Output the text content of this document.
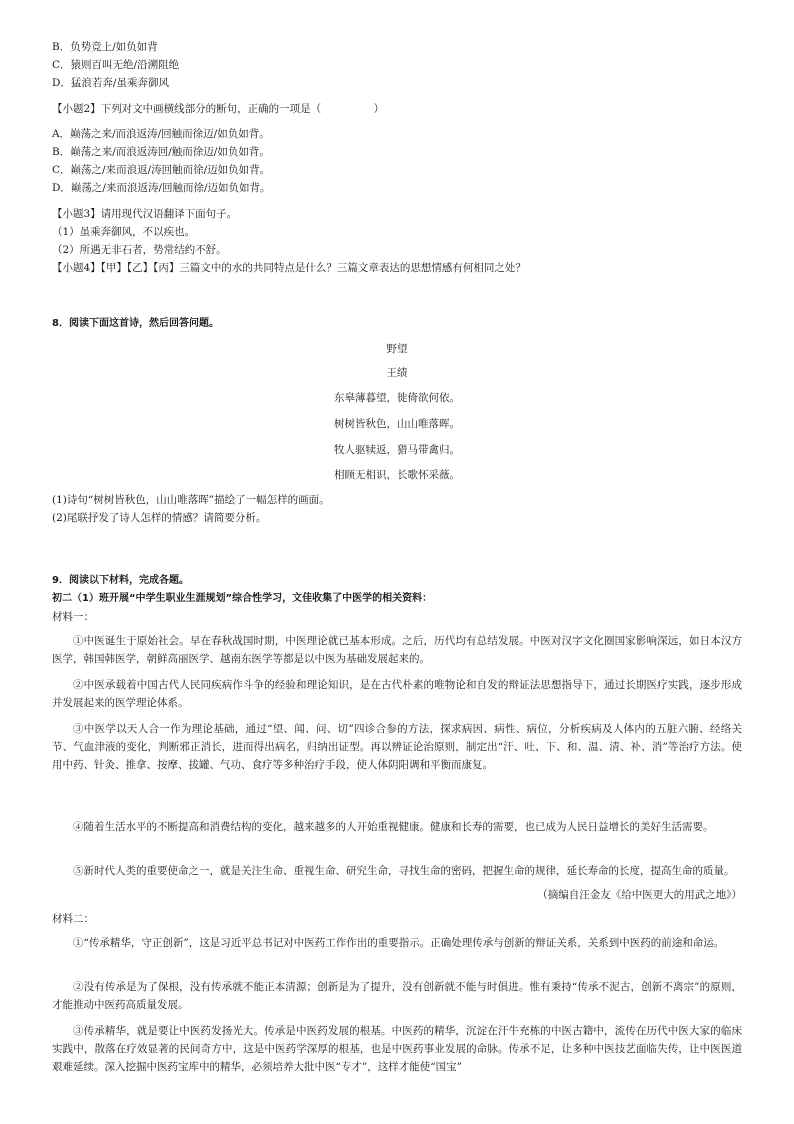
B．负势竞上/如负如背
C．猿则百叫无绝/沿溯阻绝
D．猛浪若奔/虽乘奔御风
【小题2】下列对文中画横线部分的断句，正确的一项是（　　　　　）
A．巅荡之来/而浪返涛/回触而徐迈/如负如背。
B．巅荡之来/而浪返涛回/触而徐迈/如负如背。
C．巅荡之/来而浪返/涛回触而徐/迈如负如背。
D．巅荡之/来而浪返涛/回触而徐/迈如负如背。
【小题3】请用现代汉语翻译下面句子。
（1）虽乘奔御风，不以疾也。
（2）所遇无非石者，势常结约不舒。
【小题4】【甲】【乙】【丙】三篇文中的水的共同特点是什么？三篇文章表达的思想情感有何相同之处？
8．阅读下面这首诗，然后回答问题。
野望
王绩
东皋薄暮望，徙倚欲何依。
树树皆秋色，山山唯落晖。
牧人驱犊返，猎马带禽归。
相顾无相识，长歌怀采薇。
(1)诗句“树树皆秋色，山山唯落晖”描绘了一幅怎样的画面。
(2)尾联抒发了诗人怎样的情感？请简要分析。
9．阅读以下材料，完成各题。
初二（1）班开展“中学生职业生涯规划”综合性学习，文佳收集了中医学的相关资料：
材料一：
①中医诞生于原始社会。早在春秋战国时期，中医理论就已基本形成。之后，历代均有总结发展。中医对汉字文化圈国家影响深远，如日本汉方医学，韩国韩医学，朝鲜高丽医学、越南东医学等都是以中医为基础发展起来的。
②中医承载着中国古代人民同疾病作斗争的经验和理论知识，是在古代朴素的唯物论和自发的辩证法思想指导下，通过长期医疗实践，逐步形成并发展起来的医学理论体系。
③中医学以天人合一作为理论基础，通过“望、闻、问、切”四诊合参的方法，探求病因、病性、病位，分析疾病及人体内的五脏六腑、经络关节、气血津液的变化，判断邪正消长，进而得出病名，归纳出证型。再以辨证论治原则，制定出“汗、吐、下、和、温、清、补、消”等治疗方法。使用中药、针灸、推拿、按摩、拔罐、气功、食疗等多种治疗手段，使人体阴阳调和平衡而康复。
④随着生活水平的不断提高和消费结构的变化，越来越多的人开始重视健康。健康和长寿的需要，也已成为人民日益增长的美好生活需要。
⑤新时代人类的重要使命之一，就是关注生命、重视生命、研究生命，寻找生命的密码，把握生命的规律，延长寿命的长度，提高生命的质量。
（摘编自汪金友《给中医更大的用武之地》）
材料二：
①“传承精华，守正创新”，这是习近平总书记对中医药工作作出的重要指示。正确处理传承与创新的辩证关系，关系到中医药的前途和命运。
②没有传承是为了保根，没有传承就不能正本清源；创新是为了提升，没有创新就不能与时俱进。惟有秉持“传承不泥古，创新不离宗”的原则，才能推动中医药高质量发展。
③传承精华，就是要让中医药发扬光大。传承是中医药发展的根基。中医药的精华，沉淀在汗牛充栋的中医古籍中，流传在历代中医大家的临床实践中，散落在疗效显著的民间奇方中，这是中医药学深厚的根基，也是中医药事业发展的命脉。传承不足，让多种中医技艺面临失传，让中医医道艰难延续。深入挖掘中医药宝库中的精华，必须培养大批中医“专才”，这样才能使“国宝”
